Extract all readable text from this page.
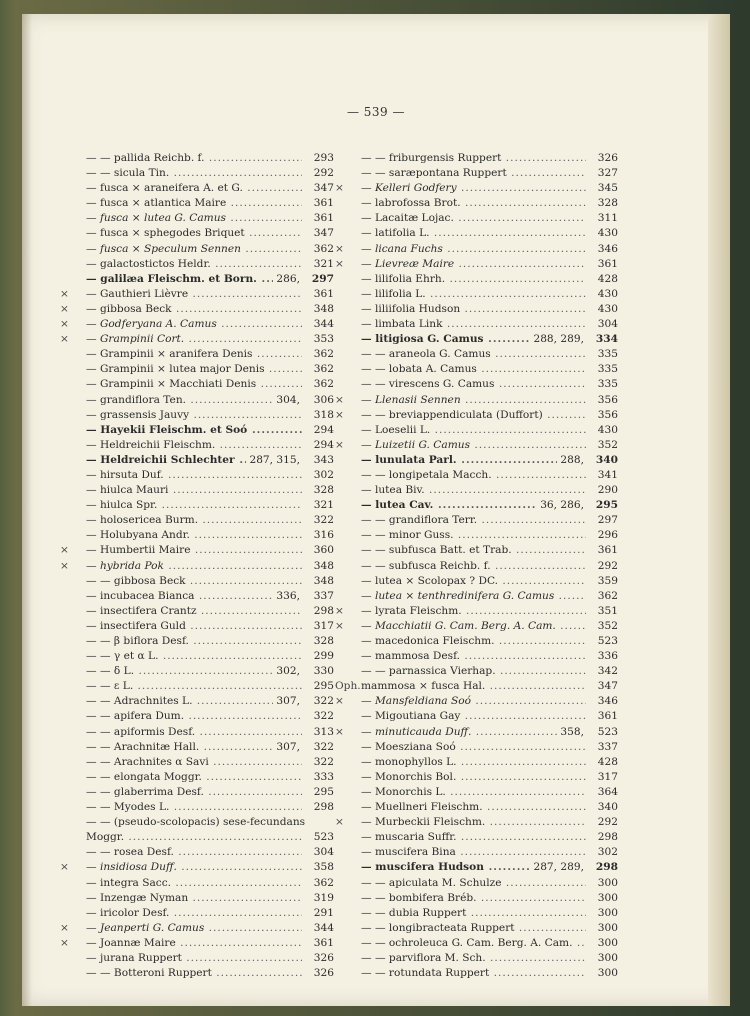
— 539 —
— — pallida Reichb. f. .....	293
— — sicula Tin. .....	292
— fusca × araneifera A. et G. .....	347
— fusca × atlantica Maire .....	361
— fusca × lutea G. Camus .....	361
— fusca × sphegodes Briquet .....	347
— fusca × Speculum Sennen .....	362
— galactostictos Heldr. .....	321
— galilæa Fleischm. et Born. .....	286,	297
×	— Gauthieri Lièvre .....	361
×	— gibbosa Beck .....	348
×	— Godferyana A. Camus .....	344
×	— Grampinii Cort. .....	353
— Grampinii × aranifera Denis .....	362
— Grampinii × lutea major Denis .....	362
— Grampinii × Macchiati Denis .....	362
— grandiflora Ten. .....	304,	306
— grassensis Jauvy .....	318
— Hayekii Fleischm. et Soó .....	294
— Heldreichii Fleischm. .....	294
— Heldreichii Schlechter .....	287, 315,	343
— hirsuta Duf. .....	302
— hiulca Mauri .....	328
— hiulca Spr. .....	321
— holosericea Burm. .....	322
— Holubyana Andr. .....	316
×	— Humbertii Maire .....	360
×	— hybrida Pok .....	348
— — gibbosa Beck .....	348
— incubacea Bianca .....	336,	337
— insectifera Crantz .....	298
— insectifera Guld .....	317
— — β biflora Desf. .....	328
— — γ et α L. .....	299
— — δ L. .....	302,	330
— — ε L. .....	295
— — Adrachnites L. .....	307,	322
— — apifera Dum. .....	322
— — apiformis Desf. .....	313
— — Arachnitæ Hall. .....	307,	322
— — Arachnites α Savi .....	322
— — elongata Moggr. .....	333
— — glaberrima Desf. .....	295
— — Myodes L. .....	298
— — (pseudo-scolopacis) sese-fecundans
Moggr. .....	523
— — rosea Desf. .....	304
×	— insidiosa Duff. .....	358
— integra Sacc. .....	362
— Inzengæ Nyman .....	319
— iricolor Desf. .....	291
×	— Jeanperti G. Camus .....	344
×	— Joannæ Maire .....	361
— jurana Ruppert .....	326
— — Botteroni Ruppert .....	326
— — friburgensis Ruppert .....	326
— — saræpontana Ruppert .....	327
×	— Kelleri Godfery .....	345
— labrofossa Brot. .....	328
— Lacaitæ Lojac. .....	311
— latifolia L. .....	430
×	— licana Fuchs .....	346
×	— Lievreæ Maire .....	361
— lilifolia Ehrh. .....	428
— lilifolia L. .....	430
— liliifolia Hudson .....	430
— limbata Link .....	304
— litigiosa G. Camus .....	288, 289,	334
— — araneola G. Camus .....	335
— — lobata A. Camus .....	335
— — virescens G. Camus .....	335
×	— Llenasii Sennen .....	356
×	— — breviappendiculata (Duffort) .....	356
— Loeselii L. .....	430
×	— Luizetii G. Camus .....	352
— lunulata Parl. .....	288,	340
— — longipetala Macch. .....	341
— lutea Biv. .....	290
— lutea Cav. .....	36, 286,	295
— — grandiflora Terr. .....	297
— — minor Guss. .....	296
— — subfusca Batt. et Trab. .....	361
— — subfusca Reichb. f. .....	292
— lutea × Scolopax ? DC. .....	359
— lutea × tenthredinifera G. Camus .....	362
×	— lyrata Fleischm. .....	351
×	— Macchiatii G. Cam. Berg. A. Cam. .....	352
— macedonica Fleischm. .....	523
— mammosa Desf. .....	336
— — parnassica Vierhap. .....	342
Oph. mammosa × fusca Hal. .....	347
×	— Mansfeldiana Soó .....	346
— Migoutiana Gay .....	361
×	— minuticauda Duff. .....	358,	523
— Moesziana Soó .....	337
— monophyllos L. .....	428
— Monorchis Bol. .....	317
— Monorchis L. .....	364
— Muellneri Fleischm. .....	340
×	— Murbeckii Fleischm. .....	292
— muscaria Suffr. .....	298
— muscifera Bina .....	302
— muscifera Hudson .....	287, 289,	298
— — apiculata M. Schulze .....	300
— — bombifera Bréb. .....	300
— — dubia Ruppert .....	300
— — longibracteata Ruppert .....	300
— — ochroleuca G. Cam. Berg. A. Cam. .....	300
— — parviflora M. Sch. .....	300
— — rotundata Ruppert .....	300
